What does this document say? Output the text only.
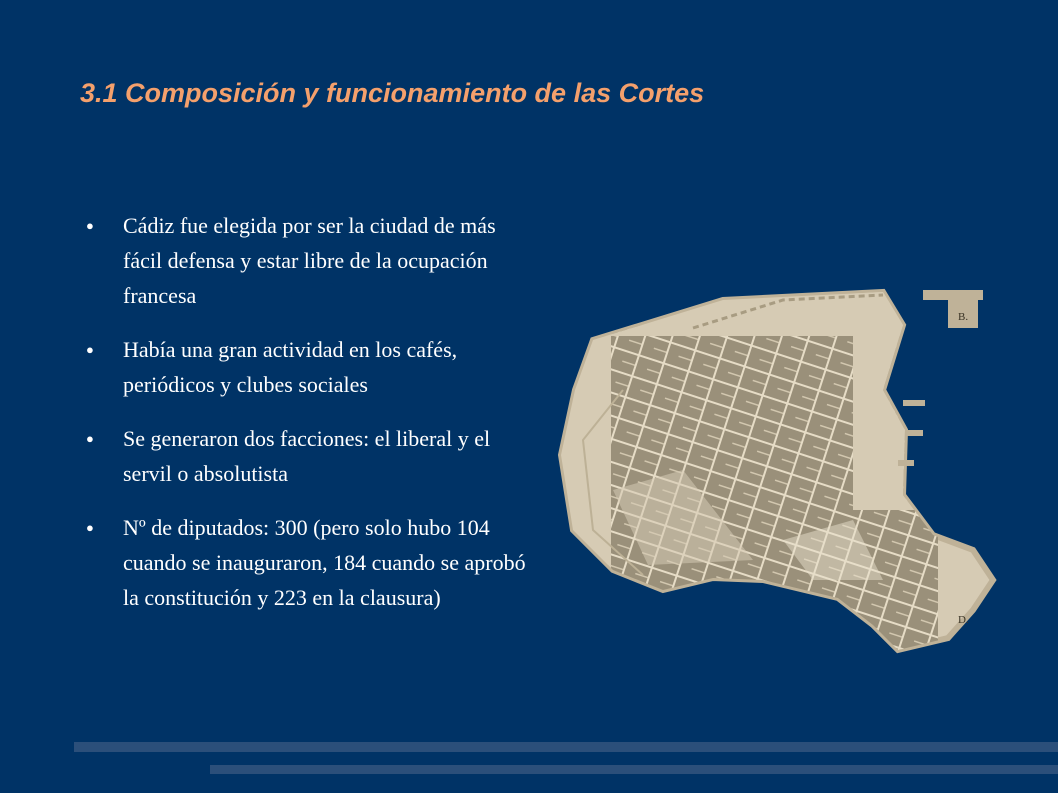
3.1 Composición y funcionamiento de las Cortes
● Cádiz fue elegida por ser la ciudad de más fácil defensa y estar libre de la ocupación francesa
● Había una gran actividad en los cafés, periódicos y clubes sociales
● Se generaron dos facciones: el liberal y el servil o absolutista
● Nº de diputados: 300 (pero solo hubo 104 cuando se inauguraron, 184 cuando se aprobó la constitución y 223 en la clausura)
B.
D.
